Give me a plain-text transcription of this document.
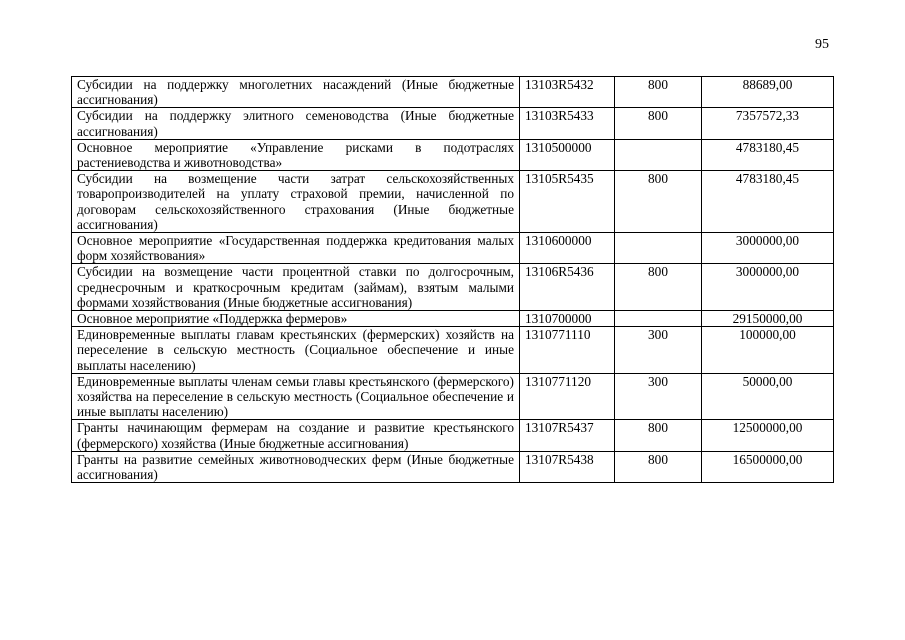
95
Субсидии на поддержку многолетних насаждений (Иные бюджетные ассигнования)	13103R5432	800	88689,00
Субсидии на поддержку элитного семеноводства (Иные бюджетные ассигнования)	13103R5433	800	7357572,33
Основное мероприятие «Управление рисками в подотраслях растениеводства и животноводства»	1310500000		4783180,45
Субсидии на возмещение части затрат сельскохозяйственных товаропроизводителей на уплату страховой премии, начисленной по договорам сельскохозяйственного страхования (Иные бюджетные ассигнования)	13105R5435	800	4783180,45
Основное мероприятие «Государственная поддержка кредитования малых форм хозяйствования»	1310600000		3000000,00
Субсидии на возмещение части процентной ставки по долгосрочным, среднесрочным и краткосрочным кредитам (займам), взятым малыми формами хозяйствования (Иные бюджетные ассигнования)	13106R5436	800	3000000,00
Основное мероприятие «Поддержка фермеров»	1310700000		29150000,00
Единовременные выплаты главам крестьянских (фермерских) хозяйств на переселение в сельскую местность (Социальное обеспечение и иные выплаты населению)	1310771110	300	100000,00
Единовременные выплаты членам семьи главы крестьянского (фермерского) хозяйства на переселение в сельскую местность (Социальное обеспечение и иные выплаты населению)	1310771120	300	50000,00
Гранты начинающим фермерам на создание и развитие крестьянского (фермерского) хозяйства (Иные бюджетные ассигнования)	13107R5437	800	12500000,00
Гранты на развитие семейных животноводческих ферм (Иные бюджетные ассигнования)	13107R5438	800	16500000,00
